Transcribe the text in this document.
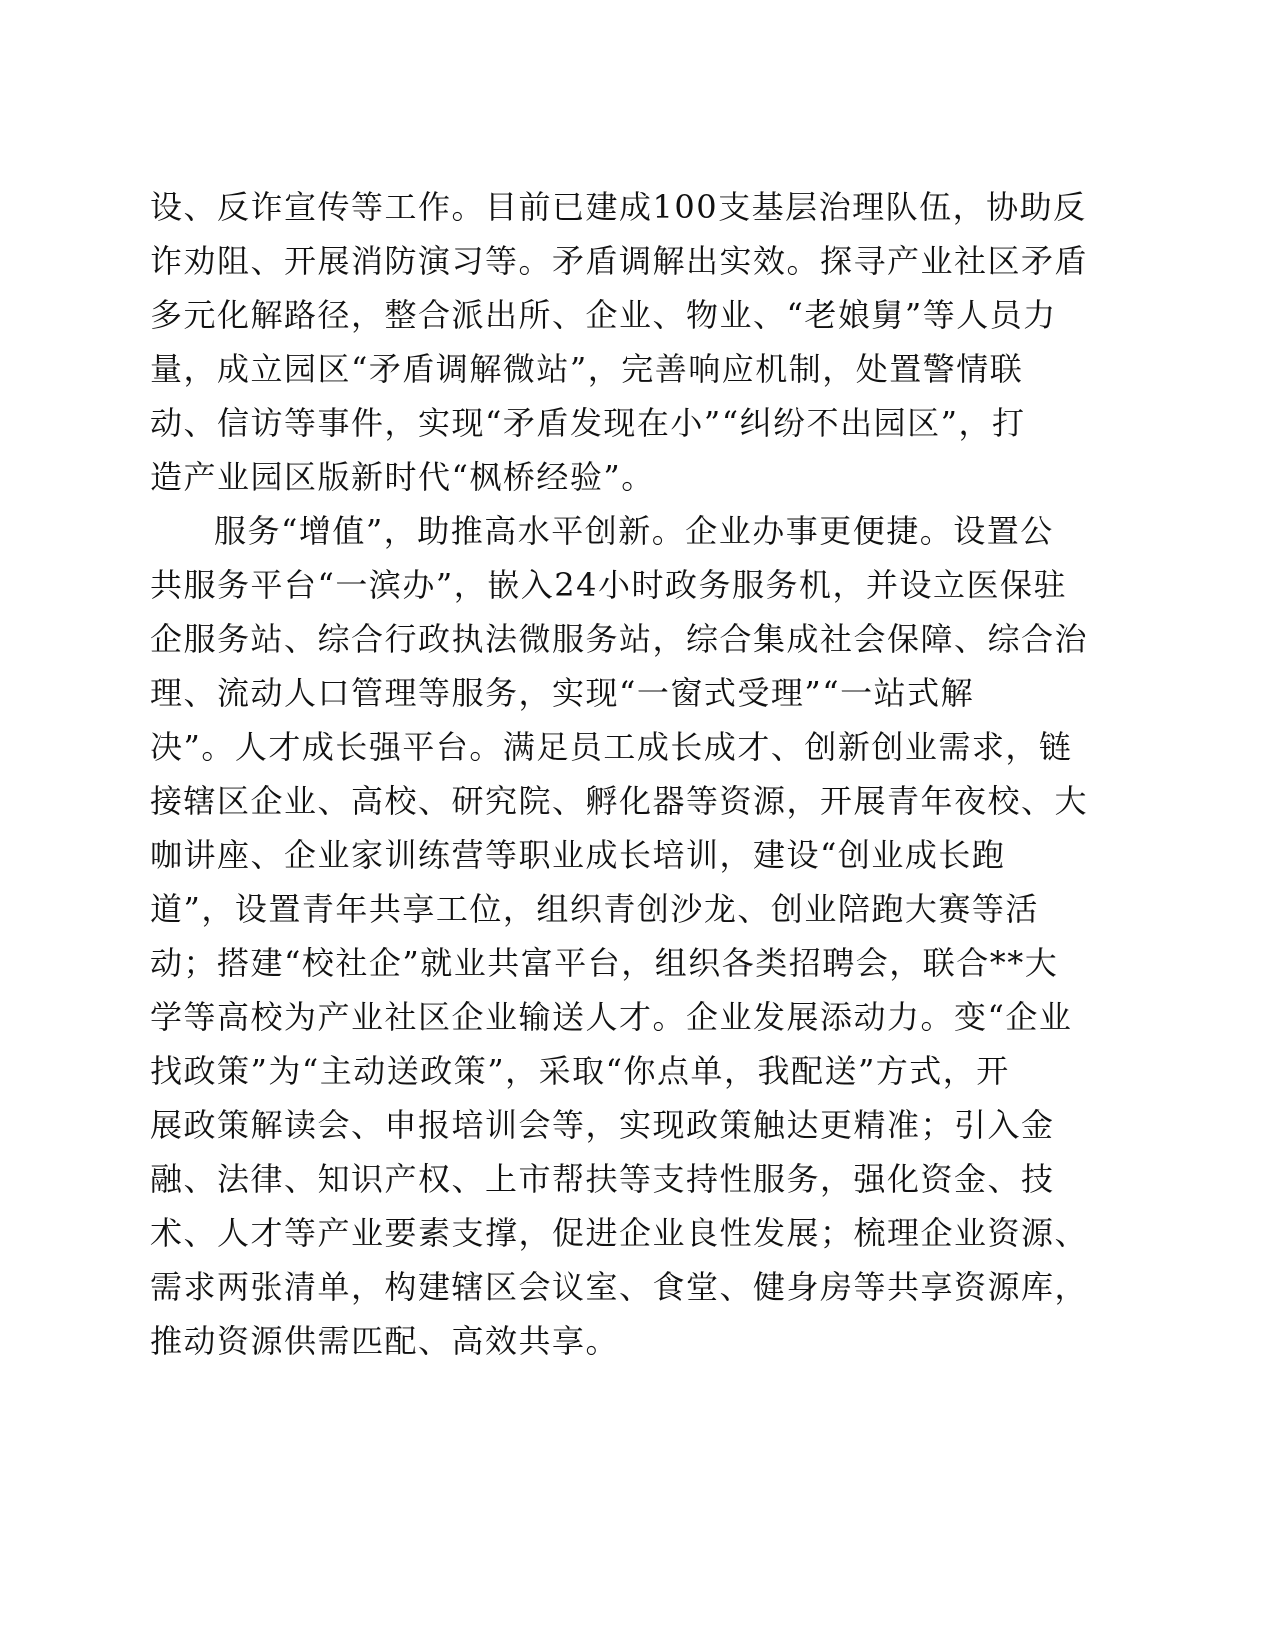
设、反诈宣传等工作。目前已建成100支基层治理队伍，协助反
诈劝阻、开展消防演习等。矛盾调解出实效。探寻产业社区矛盾
多元化解路径，整合派出所、企业、物业、“老娘舅”等人员力
量，成立园区“矛盾调解微站”，完善响应机制，处置警情联
动、信访等事件，实现“矛盾发现在小”“纠纷不出园区”，打
造产业园区版新时代“枫桥经验”。
服务“增值”，助推高水平创新。企业办事更便捷。设置公
共服务平台“一滨办”，嵌入24小时政务服务机，并设立医保驻
企服务站、综合行政执法微服务站，综合集成社会保障、综合治
理、流动人口管理等服务，实现“一窗式受理”“一站式解
决”。人才成长强平台。满足员工成长成才、创新创业需求，链
接辖区企业、高校、研究院、孵化器等资源，开展青年夜校、大
咖讲座、企业家训练营等职业成长培训，建设“创业成长跑
道”，设置青年共享工位，组织青创沙龙、创业陪跑大赛等活
动；搭建“校社企”就业共富平台，组织各类招聘会，联合**大
学等高校为产业社区企业输送人才。企业发展添动力。变“企业
找政策”为“主动送政策”，采取“你点单，我配送”方式，开
展政策解读会、申报培训会等，实现政策触达更精准；引入金
融、法律、知识产权、上市帮扶等支持性服务，强化资金、技
术、人才等产业要素支撑，促进企业良性发展；梳理企业资源、
需求两张清单，构建辖区会议室、食堂、健身房等共享资源库，
推动资源供需匹配、高效共享。
